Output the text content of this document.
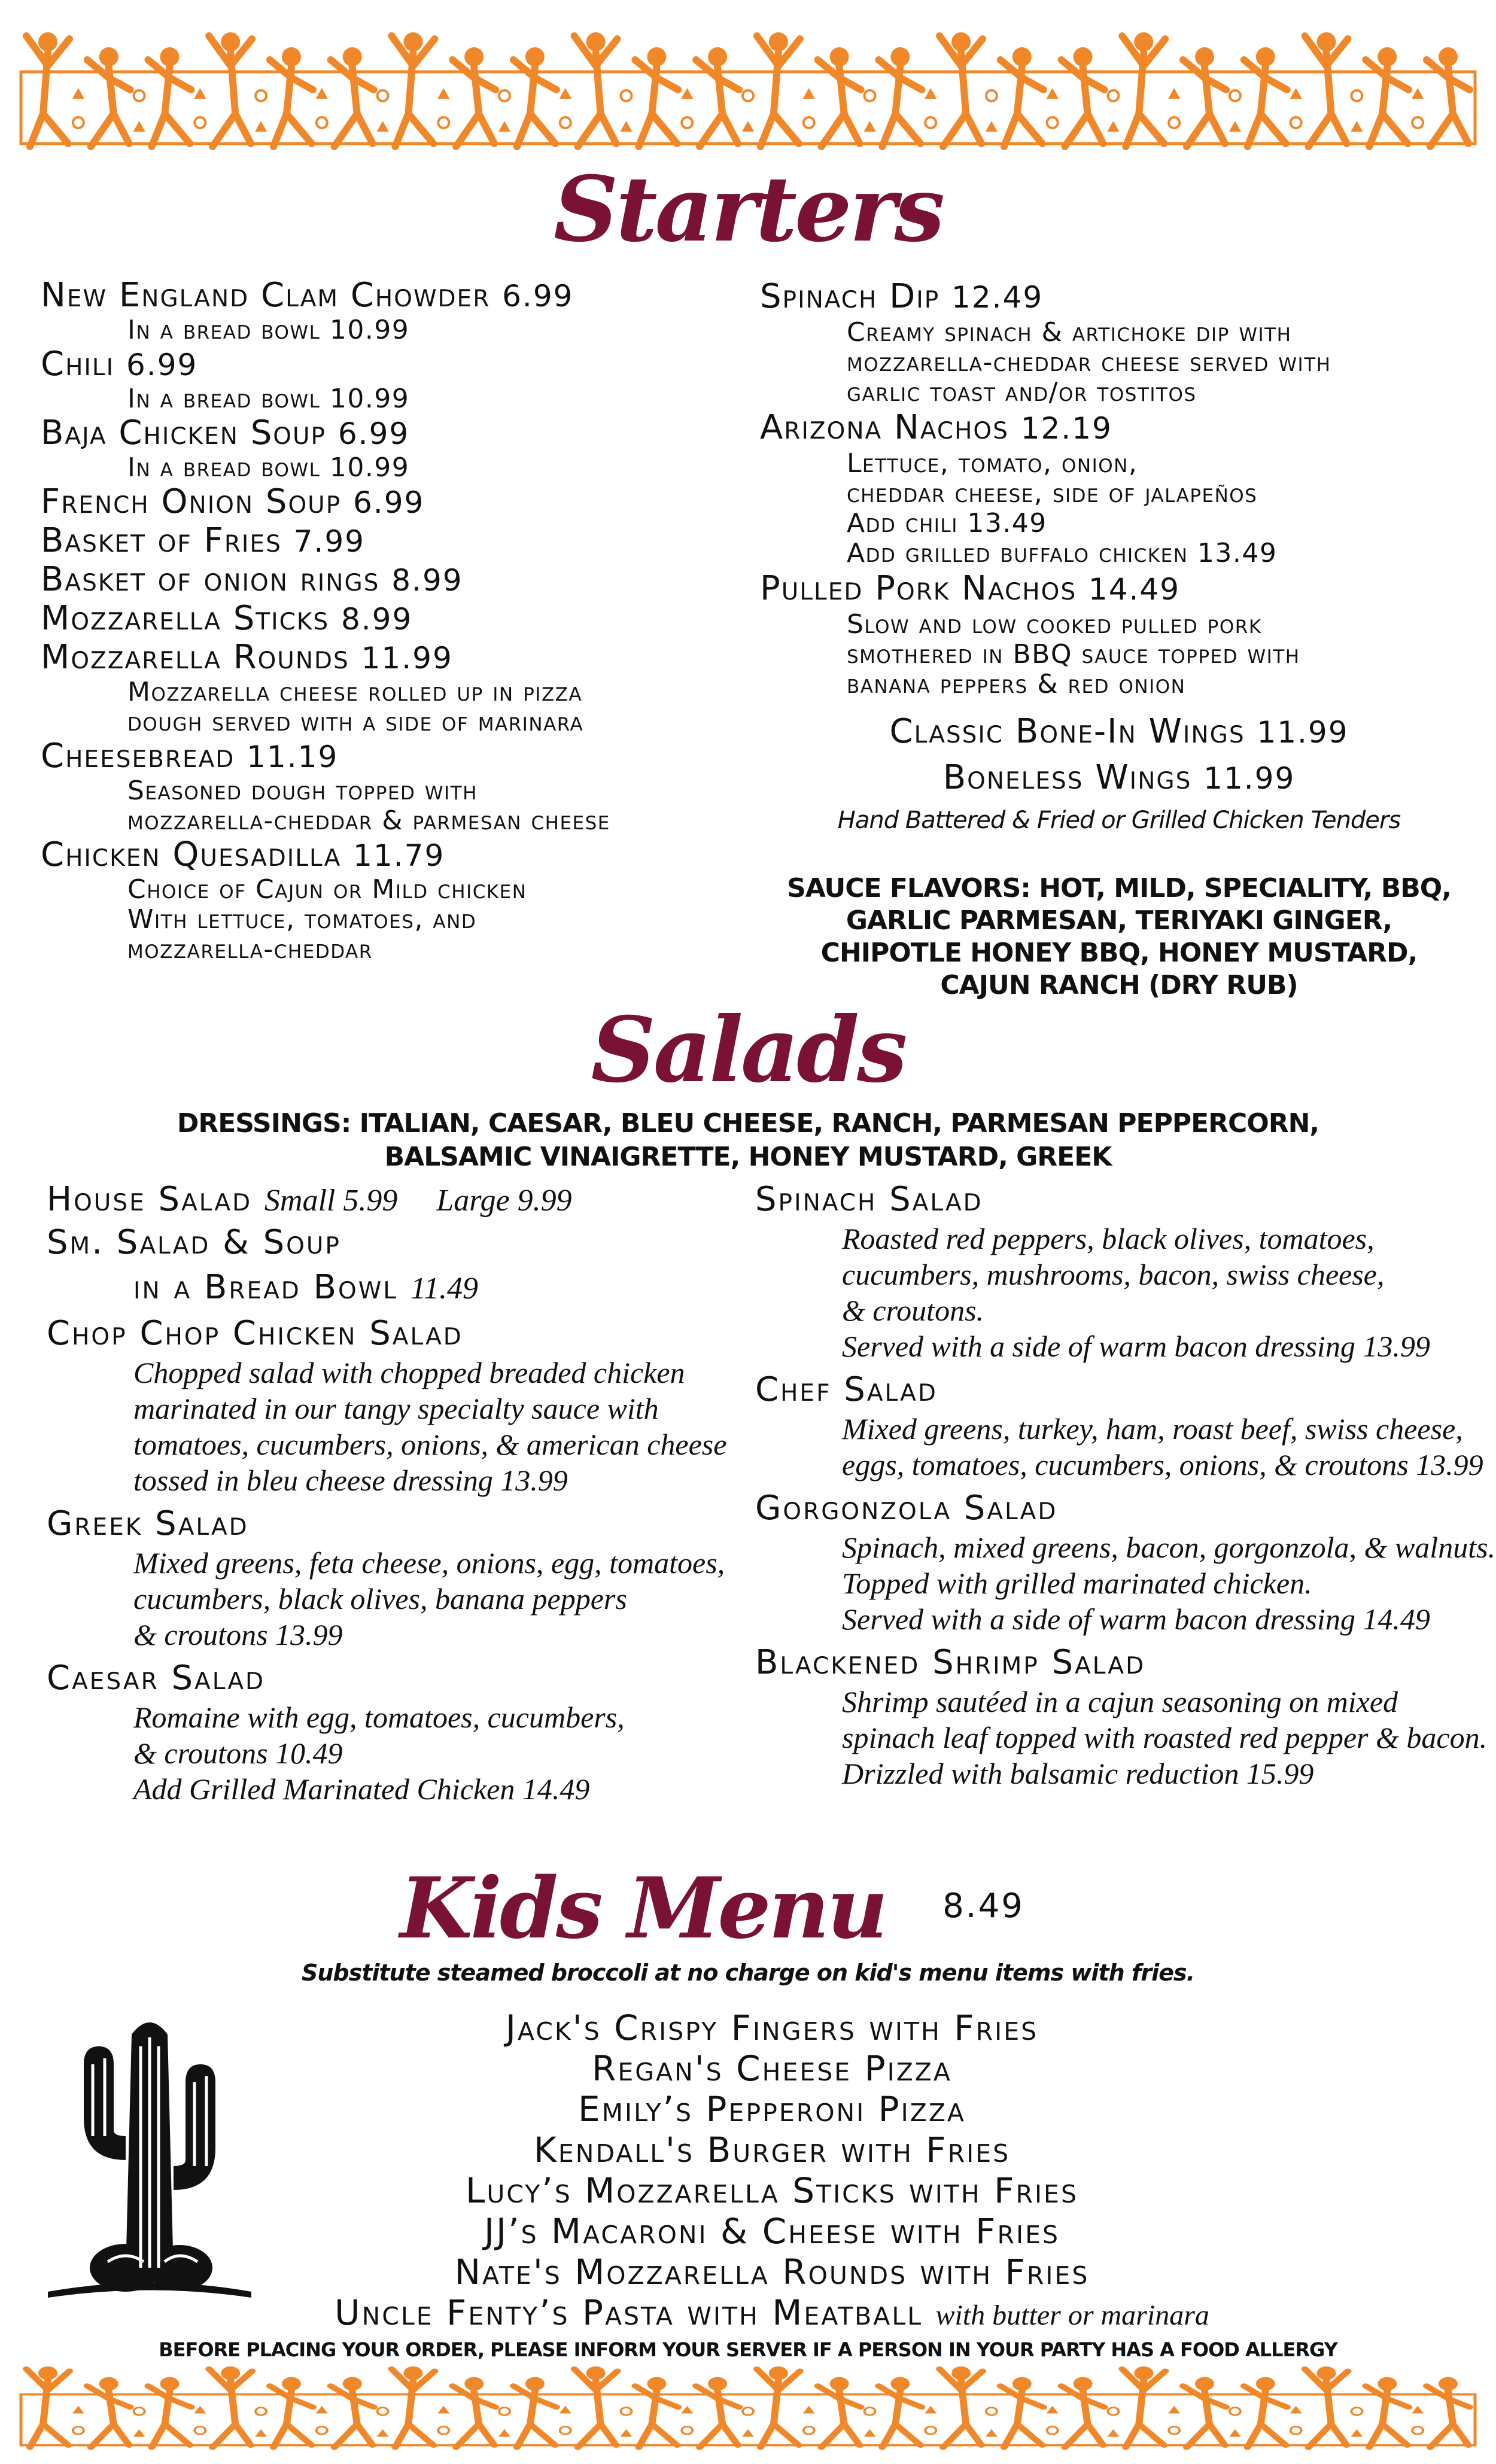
Starters
New England Clam Chowder 6.99
In a bread bowl 10.99
Chili 6.99
In a bread bowl 10.99
Baja Chicken Soup 6.99
In a bread bowl 10.99
French Onion Soup 6.99
Basket of Fries 7.99
Basket of onion rings 8.99
Mozzarella Sticks 8.99
Mozzarella Rounds 11.99
Mozzarella cheese rolled up in pizza
dough served with a side of marinara
Cheesebread 11.19
Seasoned dough topped with
mozzarella-cheddar & parmesan cheese
Chicken Quesadilla 11.79
Choice of Cajun or Mild chicken
With lettuce, tomatoes, and
mozzarella-cheddar
Spinach Dip 12.49
Creamy spinach & artichoke dip with
mozzarella-cheddar cheese served with
garlic toast and/or tostitos
Arizona Nachos 12.19
Lettuce, tomato, onion,
cheddar cheese, side of jalapeños
Add chili 13.49
Add grilled buffalo chicken 13.49
Pulled Pork Nachos 14.49
Slow and low cooked pulled pork
smothered in BBQ sauce topped with
banana peppers & red onion
Classic Bone-In Wings 11.99
Boneless Wings 11.99
Hand Battered & Fried or Grilled Chicken Tenders
SAUCE FLAVORS: HOT, MILD, SPECIALITY, BBQ,
GARLIC PARMESAN, TERIYAKI GINGER,
CHIPOTLE HONEY BBQ, HONEY MUSTARD,
CAJUN RANCH (DRY RUB)
Salads
DRESSINGS: ITALIAN, CAESAR, BLEU CHEESE, RANCH, PARMESAN PEPPERCORN,
BALSAMIC VINAIGRETTE, HONEY MUSTARD, GREEK
House Salad Small 5.99     Large 9.99
Sm. Salad & Soup
in a Bread Bowl 11.49
Chop Chop Chicken Salad
Chopped salad with chopped breaded chicken
marinated in our tangy specialty sauce with
tomatoes, cucumbers, onions, & american cheese
tossed in bleu cheese dressing 13.99
Greek Salad
Mixed greens, feta cheese, onions, egg, tomatoes,
cucumbers, black olives, banana peppers
& croutons 13.99
Caesar Salad
Romaine with egg, tomatoes, cucumbers,
& croutons 10.49
Add Grilled Marinated Chicken 14.49
Spinach Salad
Roasted red peppers, black olives, tomatoes,
cucumbers, mushrooms, bacon, swiss cheese,
& croutons.
Served with a side of warm bacon dressing 13.99
Chef Salad
Mixed greens, turkey, ham, roast beef, swiss cheese,
eggs, tomatoes, cucumbers, onions, & croutons 13.99
Gorgonzola Salad
Spinach, mixed greens, bacon, gorgonzola, & walnuts.
Topped with grilled marinated chicken.
Served with a side of warm bacon dressing 14.49
Blackened Shrimp Salad
Shrimp sautéed in a cajun seasoning on mixed
spinach leaf topped with roasted red pepper & bacon.
Drizzled with balsamic reduction 15.99
Kids Menu 8.49
Substitute steamed broccoli at no charge on kid's menu items with fries.
Jack's Crispy Fingers with Fries
Regan's Cheese Pizza
Emily’s Pepperoni Pizza
Kendall's Burger with Fries
Lucy’s Mozzarella Sticks with Fries
JJ’s Macaroni & Cheese with Fries
Nate's Mozzarella Rounds with Fries
Uncle Fenty’s Pasta with Meatball with butter or marinara
BEFORE PLACING YOUR ORDER, PLEASE INFORM YOUR SERVER IF A PERSON IN YOUR PARTY HAS A FOOD ALLERGY
